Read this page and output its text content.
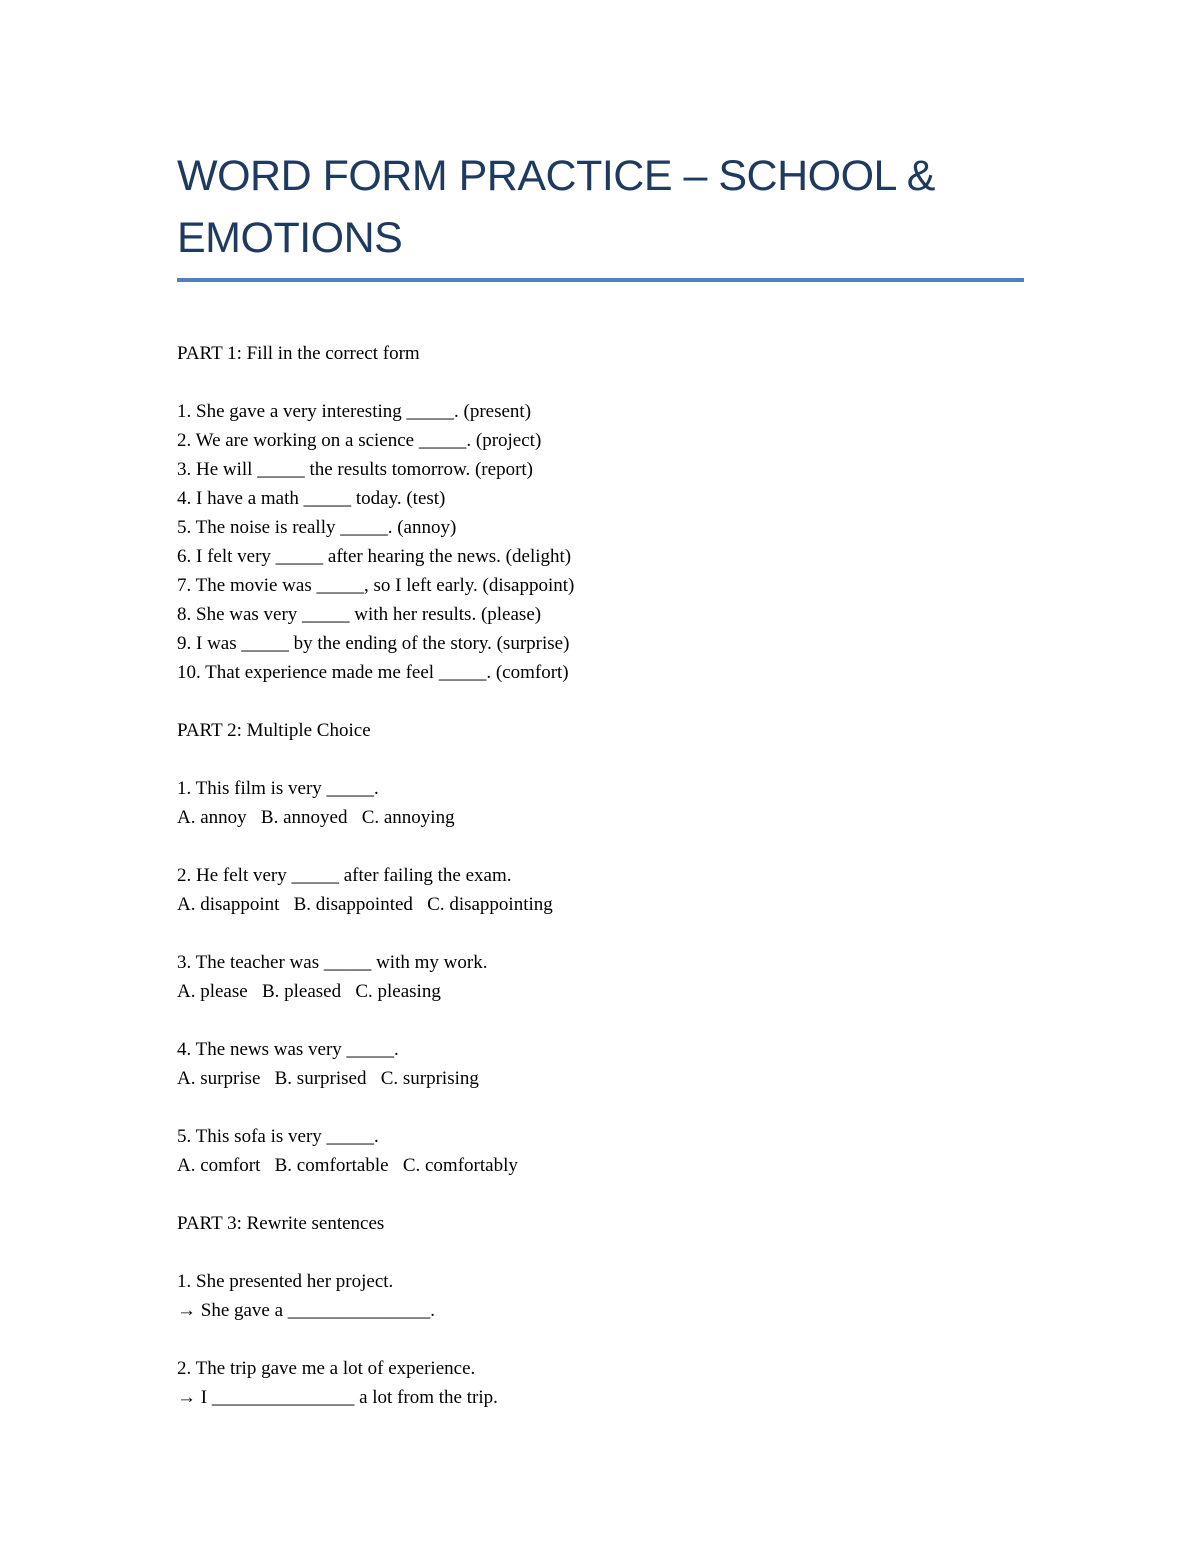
WORD FORM PRACTICE – SCHOOL &
EMOTIONS
PART 1: Fill in the correct form
1. She gave a very interesting _____. (present)
2. We are working on a science _____. (project)
3. He will _____ the results tomorrow. (report)
4. I have a math _____ today. (test)
5. The noise is really _____. (annoy)
6. I felt very _____ after hearing the news. (delight)
7. The movie was _____, so I left early. (disappoint)
8. She was very _____ with her results. (please)
9. I was _____ by the ending of the story. (surprise)
10. That experience made me feel _____. (comfort)
PART 2: Multiple Choice
1. This film is very _____.
A. annoy   B. annoyed   C. annoying
2. He felt very _____ after failing the exam.
A. disappoint   B. disappointed   C. disappointing
3. The teacher was _____ with my work.
A. please   B. pleased   C. pleasing
4. The news was very _____.
A. surprise   B. surprised   C. surprising
5. This sofa is very _____.
A. comfort   B. comfortable   C. comfortably
PART 3: Rewrite sentences
1. She presented her project.
→ She gave a _______________.
2. The trip gave me a lot of experience.
→ I _______________ a lot from the trip.
